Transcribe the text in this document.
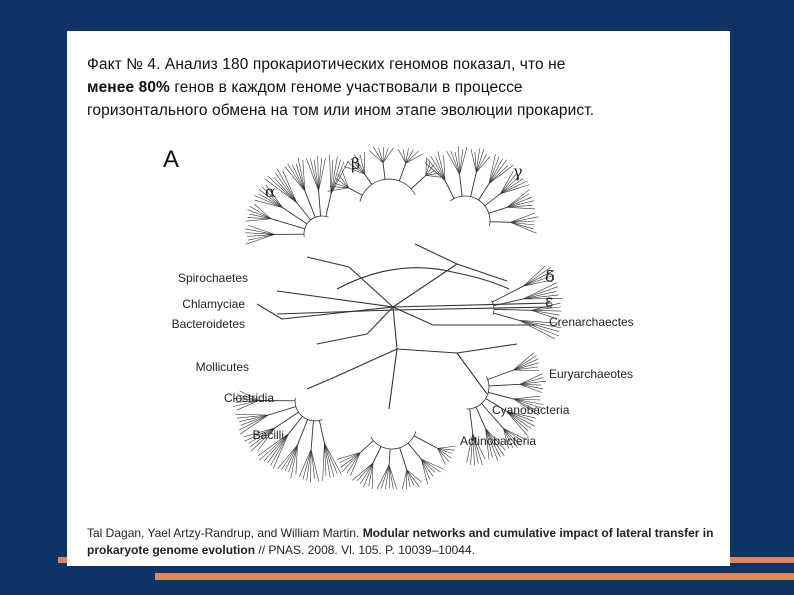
Факт № 4. Анализ 180 прокариотических геномов показал, что не
менее 80% генов в каждом геноме участвовали в процессе
горизонтального обмена на том или ином этапе эволюции прокарист.
A
α
β	γ
δ
ε
Spirochaetes
Chlamyciae
Bacteroidetes
Mollicutes
Clostridia
Bacilli
Crenarchaectes
Euryarchaeotes
Cyanobacteria
Actinobacteria
Tal Dagan, Yael Artzy-Randrup, and William Martin. Modular networks and cumulative impact of lateral transfer in prokaryote genome evolution // PNAS. 2008. Vl. 105. P. 10039–10044.
